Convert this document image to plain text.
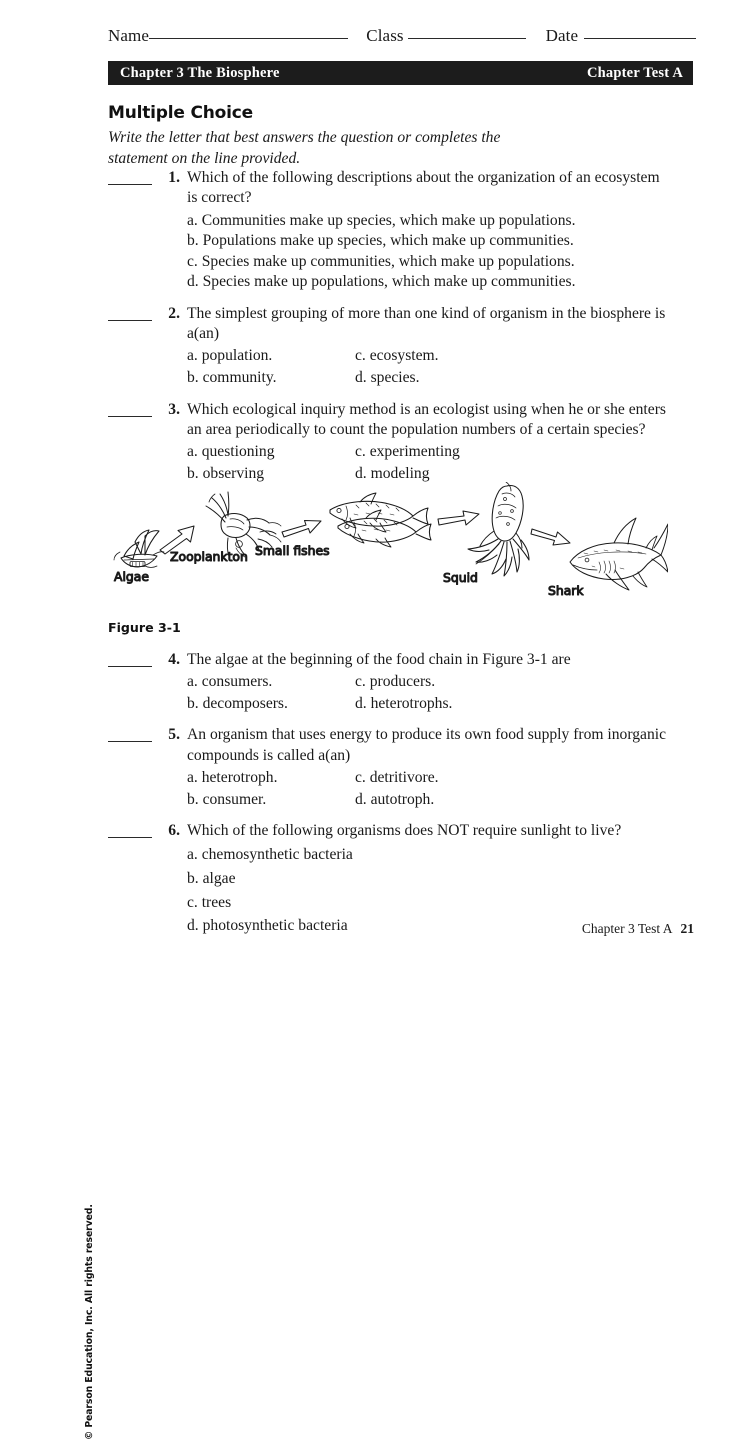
Name	Class	Date
Chapter 3 The Biosphere	Chapter Test A
Multiple Choice
Write the letter that best answers the question or completes the statement on the line provided.
1. Which of the following descriptions about the organization of an ecosystem is correct?
a. Communities make up species, which make up populations.
b. Populations make up species, which make up communities.
c. Species make up communities, which make up populations.
d. Species make up populations, which make up communities.
2. The simplest grouping of more than one kind of organism in the biosphere is a(an)
a. population.	c. ecosystem.
b. community.	d. species.
3. Which ecological inquiry method is an ecologist using when he or she enters an area periodically to count the population numbers of a certain species?
a. questioning	c. experimenting
b. observing	d. modeling
Algae
Zooplankton Small fishes
Squid
Shark
Figure 3-1
4. The algae at the beginning of the food chain in Figure 3-1 are
a. consumers.	c. producers.
b. decomposers.	d. heterotrophs.
5. An organism that uses energy to produce its own food supply from inorganic compounds is called a(an)
a. heterotroph.	c. detritivore.
b. consumer.	d. autotroph.
6. Which of the following organisms does NOT require sunlight to live?
a. chemosynthetic bacteria
b. algae
c. trees
d. photosynthetic bacteria
© Pearson Education, Inc. All rights reserved.
Chapter 3 Test A 21
